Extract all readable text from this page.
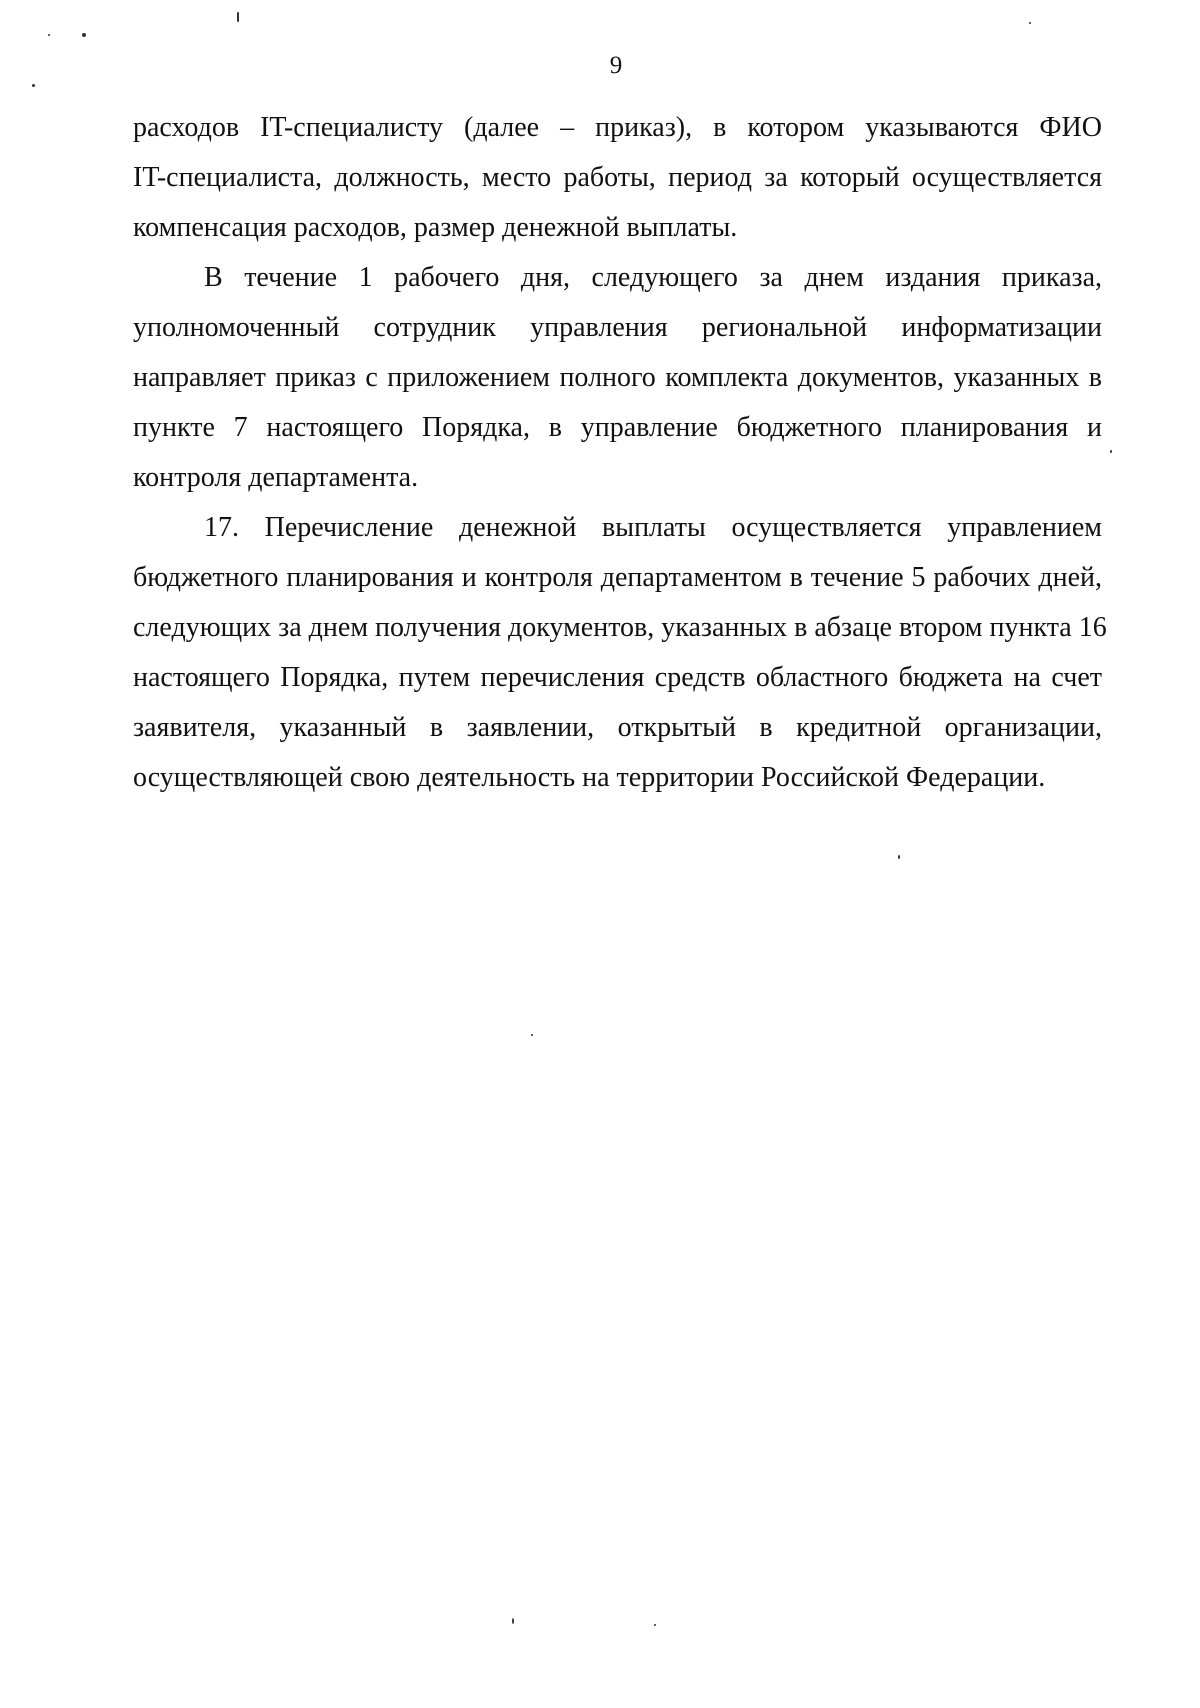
9
расходов IT-специалисту (далее – приказ), в котором указываются ФИО
IT-специалиста, должность, место работы, период за который осуществляется
компенсация расходов, размер денежной выплаты.
В течение 1 рабочего дня, следующего за днем издания приказа,
уполномоченный сотрудник управления региональной информатизации
направляет приказ с приложением полного комплекта документов, указанных в
пункте 7 настоящего Порядка, в управление бюджетного планирования и
контроля департамента.
17. Перечисление денежной выплаты осуществляется управлением
бюджетного планирования и контроля департаментом в течение 5 рабочих дней,
следующих за днем получения документов, указанных в абзаце втором пункта 16
настоящего Порядка, путем перечисления средств областного бюджета на счет
заявителя, указанный в заявлении, открытый в кредитной организации,
осуществляющей свою деятельность на территории Российской Федерации.
